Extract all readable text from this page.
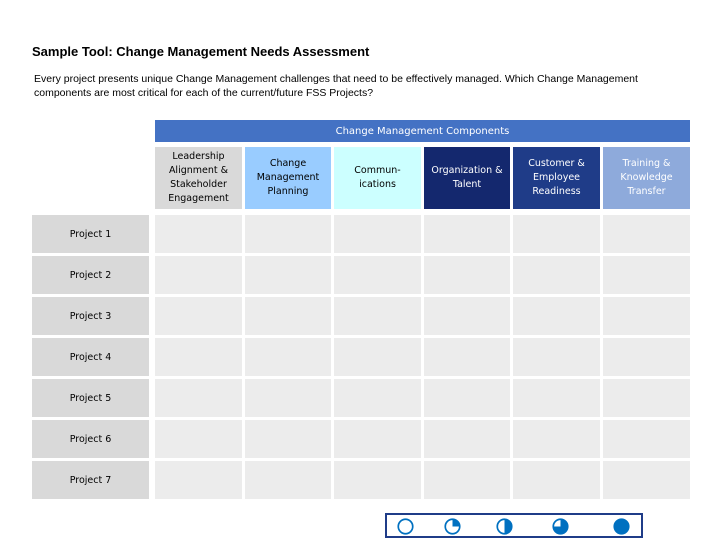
Sample Tool: Change Management Needs Assessment
Every project presents unique Change Management challenges that need to be effectively managed. Which Change Management components are most critical for each of the current/future FSS Projects?
Change Management Components
Leadership
Alignment &
Stakeholder
Engagement
Change
Management
Planning
Commun-
ications
Organization &
Talent
Customer &
Employee
Readiness
Training &
Knowledge
Transfer
Project 1
Project 2
Project 3
Project 4
Project 5
Project 6
Project 7
